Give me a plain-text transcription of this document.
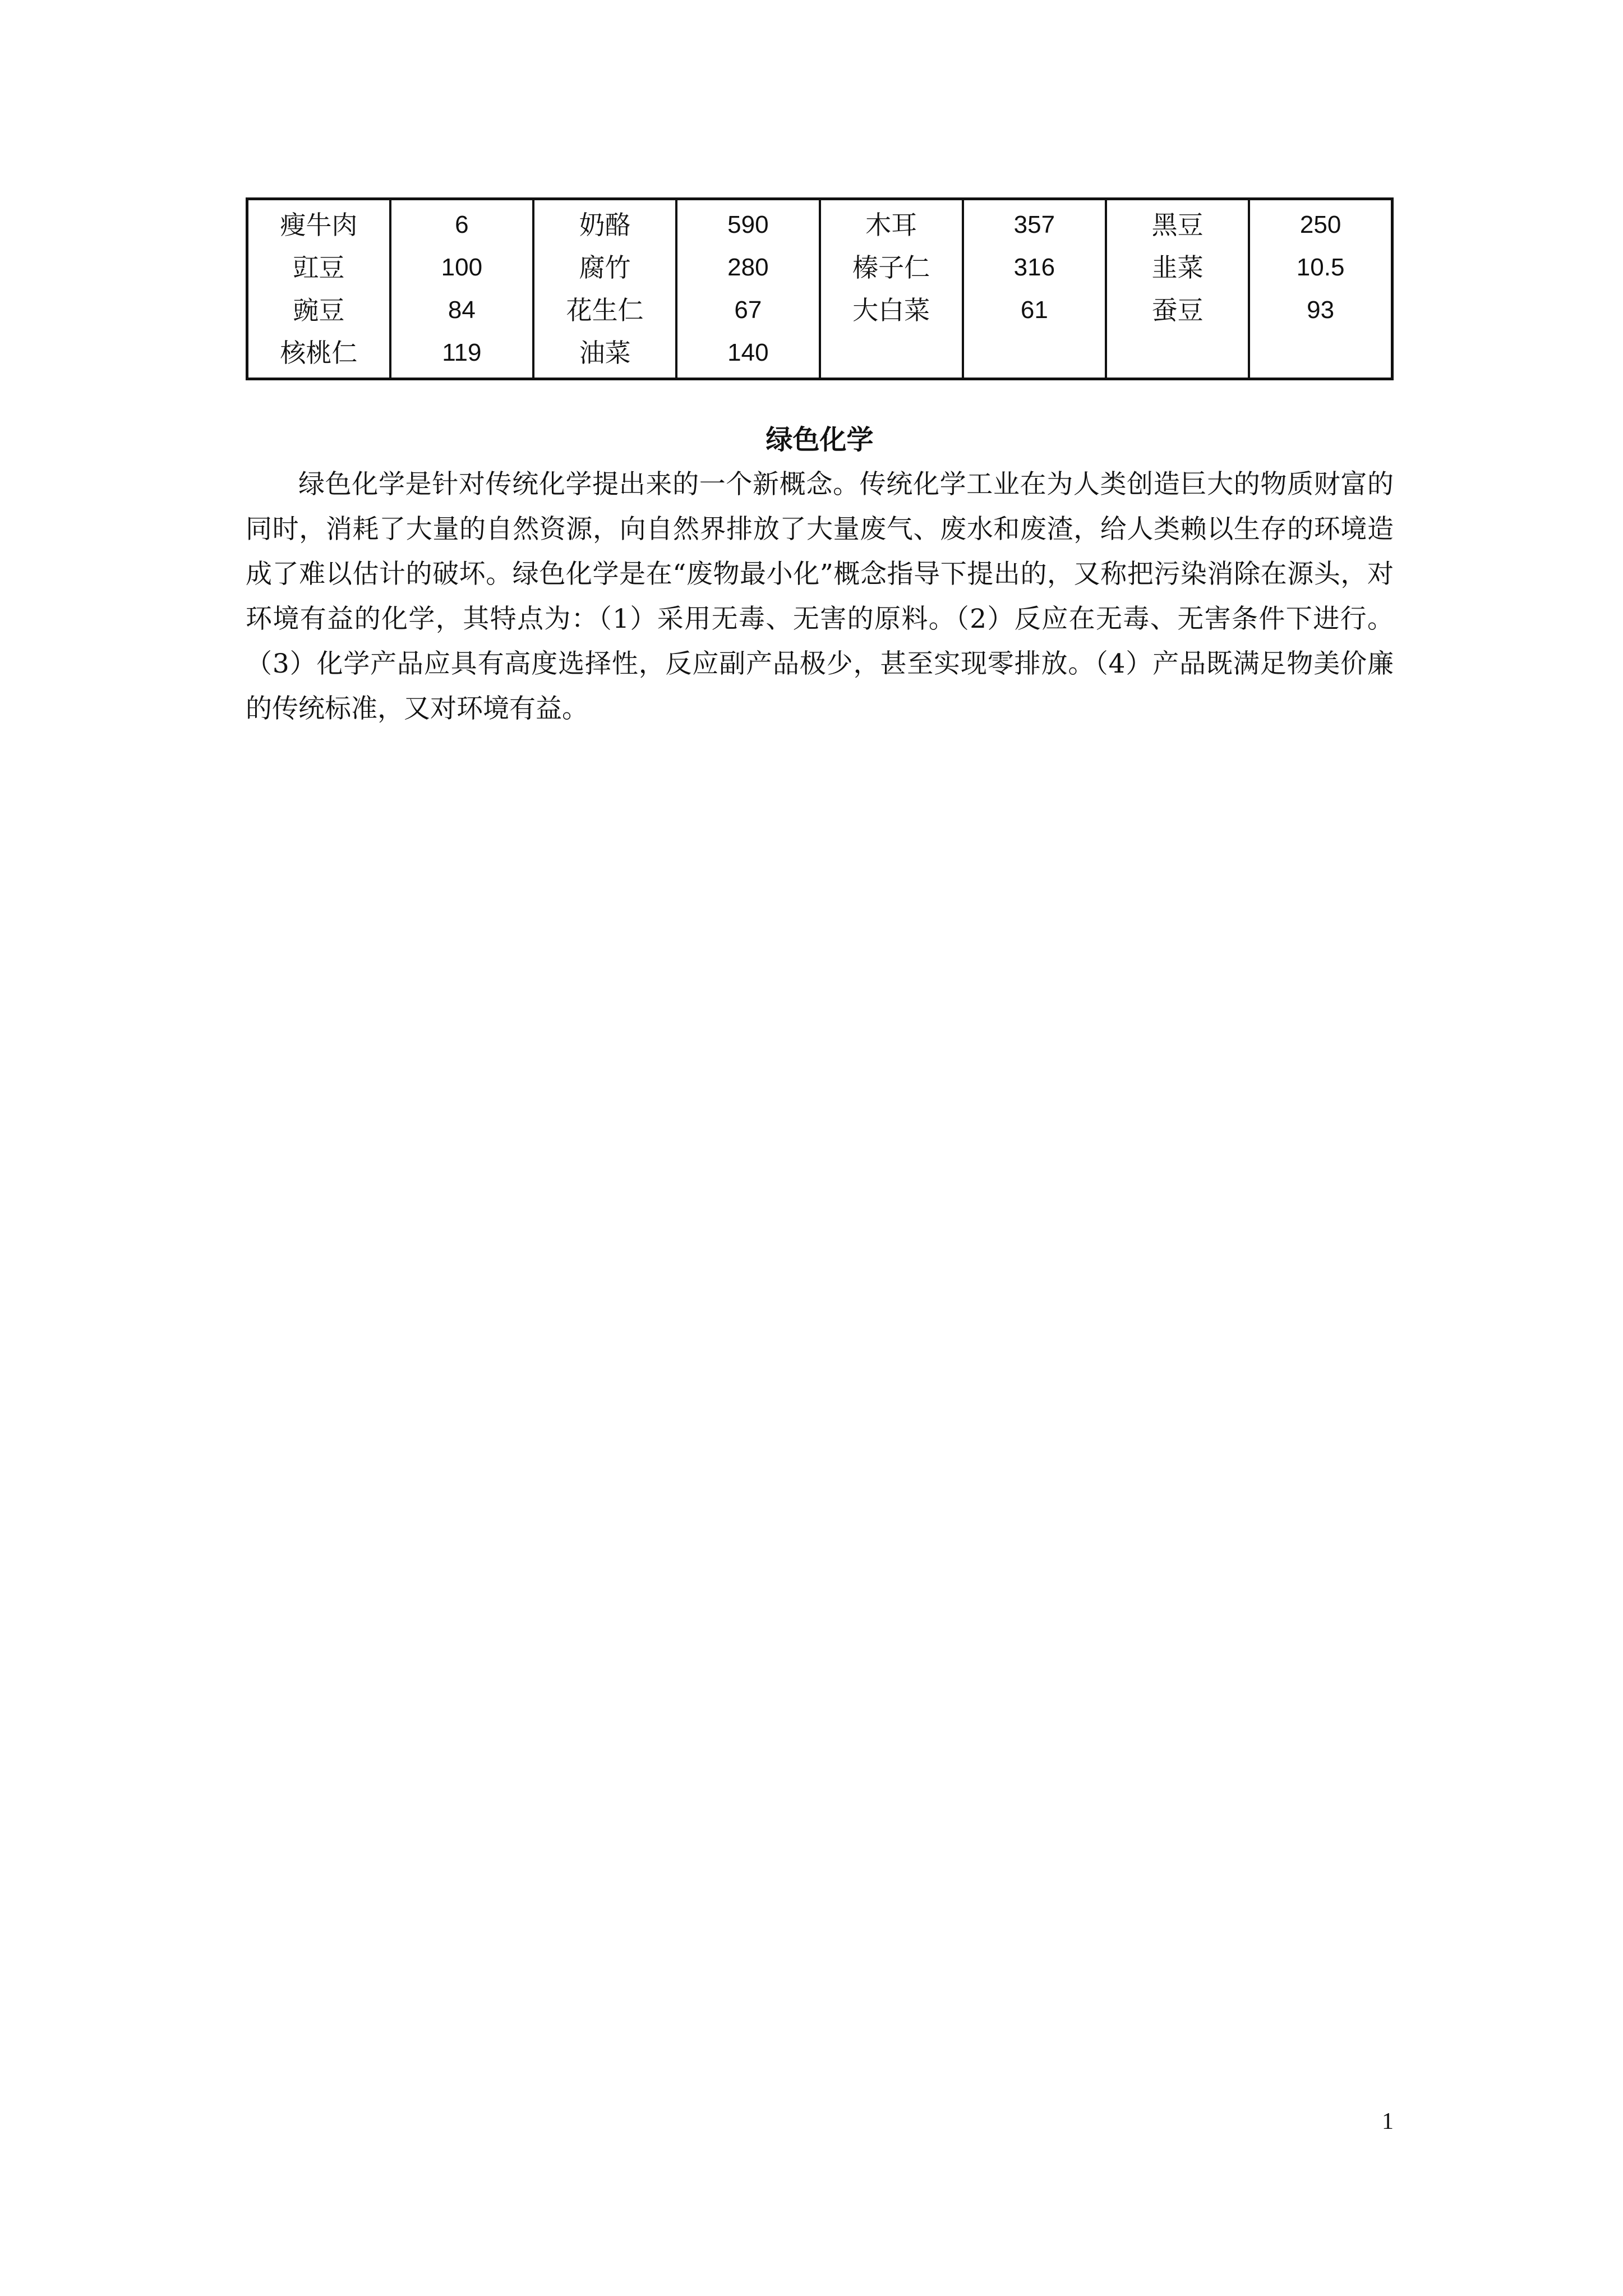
瘦牛肉	6	奶酪	590	木耳	357	黑豆	250
豇豆	100	腐竹	280	榛子仁	316	韭菜	10.5
豌豆	84	花生仁	67	大白菜	61	蚕豆	93
核桃仁	119	油菜	140				
绿色化学

绿色化学是针对传统化学提出来的一个新概念。传统化学工业在为人类创造巨大的物质财富的同时，消耗了大量的自然资源，向自然界排放了大量废气、废水和废渣，给人类赖以生存的环境造成了难以估计的破坏。绿色化学是在“废物最小化”概念指导下提出的，又称把污染消除在源头，对环境有益的化学，其特点为：（1）采用无毒、无害的原料。（2）反应在无毒、无害条件下进行。（3）化学产品应具有高度选择性，反应副产品极少，甚至实现零排放。（4）产品既满足物美价廉的传统标准，又对环境有益。

1
